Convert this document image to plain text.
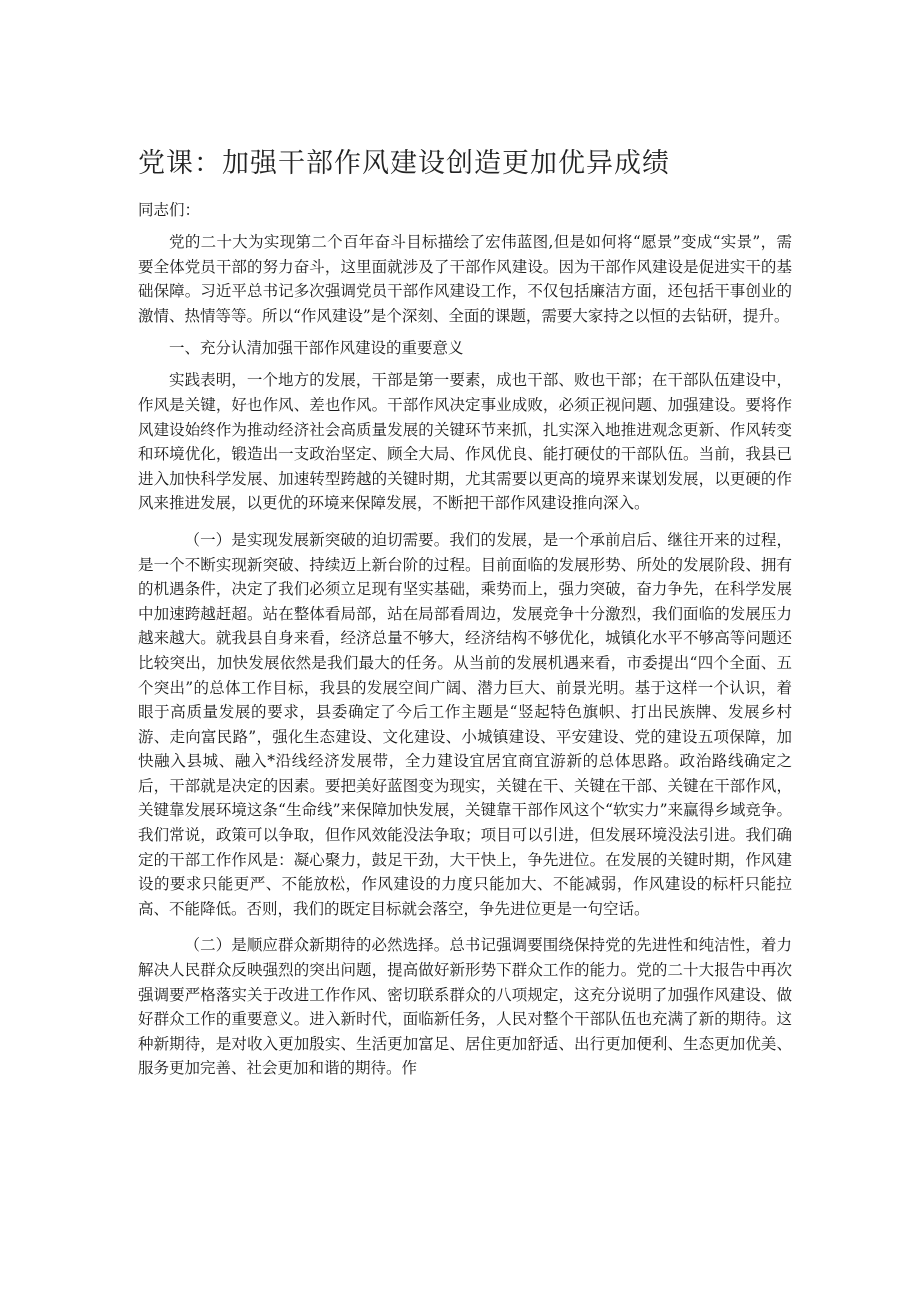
党课：加强干部作风建设创造更加优异成绩

同志们：

党的二十大为实现第二个百年奋斗目标描绘了宏伟蓝图,但是如何将“愿景”变成“实景”，需要全体党员干部的努力奋斗，这里面就涉及了干部作风建设。因为干部作风建设是促进实干的基础保障。习近平总书记多次强调党员干部作风建设工作，不仅包括廉洁方面，还包括干事创业的激情、热情等等。所以“作风建设”是个深刻、全面的课题，需要大家持之以恒的去钻研，提升。

一、充分认清加强干部作风建设的重要意义

实践表明，一个地方的发展，干部是第一要素，成也干部、败也干部；在干部队伍建设中，作风是关键，好也作风、差也作风。干部作风决定事业成败，必须正视问题、加强建设。要将作风建设始终作为推动经济社会高质量发展的关键环节来抓，扎实深入地推进观念更新、作风转变和环境优化，锻造出一支政治坚定、顾全大局、作风优良、能打硬仗的干部队伍。当前，我县已进入加快科学发展、加速转型跨越的关键时期，尤其需要以更高的境界来谋划发展，以更硬的作风来推进发展，以更优的环境来保障发展，不断把干部作风建设推向深入。

（一）是实现发展新突破的迫切需要。我们的发展，是一个承前启后、继往开来的过程，是一个不断实现新突破、持续迈上新台阶的过程。目前面临的发展形势、所处的发展阶段、拥有的机遇条件，决定了我们必须立足现有坚实基础，乘势而上，强力突破，奋力争先，在科学发展中加速跨越赶超。站在整体看局部，站在局部看周边，发展竞争十分激烈，我们面临的发展压力越来越大。就我县自身来看，经济总量不够大，经济结构不够优化，城镇化水平不够高等问题还比较突出，加快发展依然是我们最大的任务。从当前的发展机遇来看，市委提出“四个全面、五个突出”的总体工作目标，我县的发展空间广阔、潜力巨大、前景光明。基于这样一个认识，着眼于高质量发展的要求，县委确定了今后工作主题是“竖起特色旗帜、打出民族牌、发展乡村游、走向富民路”，强化生态建设、文化建设、小城镇建设、平安建设、党的建设五项保障，加快融入县城、融入*沿线经济发展带，全力建设宜居宜商宜游新的总体思路。政治路线确定之后，干部就是决定的因素。要把美好蓝图变为现实，关键在干、关键在干部、关键在干部作风，关键靠发展环境这条“生命线”来保障加快发展，关键靠干部作风这个“软实力”来赢得乡域竞争。我们常说，政策可以争取，但作风效能没法争取；项目可以引进，但发展环境没法引进。我们确定的干部工作作风是：凝心聚力，鼓足干劲，大干快上，争先进位。在发展的关键时期，作风建设的要求只能更严、不能放松，作风建设的力度只能加大、不能减弱，作风建设的标杆只能拉高、不能降低。否则，我们的既定目标就会落空，争先进位更是一句空话。

（二）是顺应群众新期待的必然选择。总书记强调要围绕保持党的先进性和纯洁性，着力解决人民群众反映强烈的突出问题，提高做好新形势下群众工作的能力。党的二十大报告中再次强调要严格落实关于改进工作作风、密切联系群众的八项规定，这充分说明了加强作风建设、做好群众工作的重要意义。进入新时代，面临新任务，人民对整个干部队伍也充满了新的期待。这种新期待，是对收入更加殷实、生活更加富足、居住更加舒适、出行更加便利、生态更加优美、服务更加完善、社会更加和谐的期待。作
